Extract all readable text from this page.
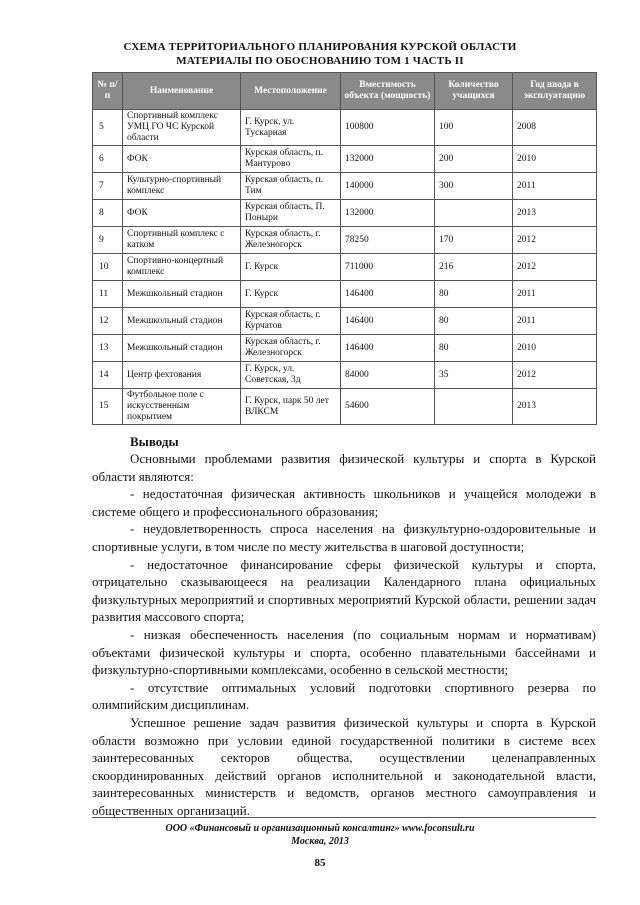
СХЕМА ТЕРРИТОРИАЛЬНОГО ПЛАНИРОВАНИЯ КУРСКОЙ ОБЛАСТИ
МАТЕРИАЛЫ ПО ОБОСНОВАНИЮ ТОМ 1 ЧАСТЬ II
№ п/п	Наименование	Местоположение	Вместимость объекта (мощность)	Количество учащихся	Год ввода в эксплуатацию
5	Спортивный комплекс УМЦ ГО ЧС Курской области	Г. Курск, ул. Тускарная	100800	100	2008
6	ФОК	Курская область, п. Мантурово	132000	200	2010
7	Культурно-спортивный комплекс	Курская область, п. Тим	140000	300	2011
8	ФОК	Курская область, П. Поныри	132000		2013
9	Спортивный комплекс с катком	Курская область, г. Железногорск	78250	170	2012
10	Спортивно-концертный комплекс	Г. Курск	711000	216	2012
11	Межшкольный стадион	Г. Курск	146400	80	2011
12	Межшкольный стадион	Курская область, г. Курчатов	146400	80	2011
13	Межшкольный стадион	Курская область, г. Железногорск	146400	80	2010
14	Центр фехтования	Г. Курск, ул. Советская, 3д	84000	35	2012
15	Футбольное поле с искусственным покрытием	Г. Курск, парк 50 лет ВЛКСМ	54600		2013
Выводы

Основными проблемами развития физической культуры и спорта в Курской области являются:

- недостаточная физическая активность школьников и учащейся молодежи в системе общего и профессионального образования;

- неудовлетворенность спроса населения на физкультурно-оздоровительные и спортивные услуги, в том числе по месту жительства в шаговой доступности;

- недостаточное финансирование сферы физической культуры и спорта, отрицательно сказывающееся на реализации Календарного плана официальных физкультурных мероприятий и спортивных мероприятий Курской области, решении задач развития массового спорта;

- низкая обеспеченность населения (по социальным нормам и нормативам) объектами физической культуры и спорта, особенно плавательными бассейнами и физкультурно-спортивными комплексами, особенно в сельской местности;

- отсутствие оптимальных условий подготовки спортивного резерва по олимпийским дисциплинам.

Успешное решение задач развития физической культуры и спорта в Курской области возможно при условии единой государственной политики в системе всех заинтересованных секторов общества, осуществлении целенаправленных скоординированных действий органов исполнительной и законодательной власти, заинтересованных министерств и ведомств, органов местного самоуправления и общественных организаций.

ООО «Финансовый и организационный консалтинг» www.foconsult.ru
Москва, 2013
85
